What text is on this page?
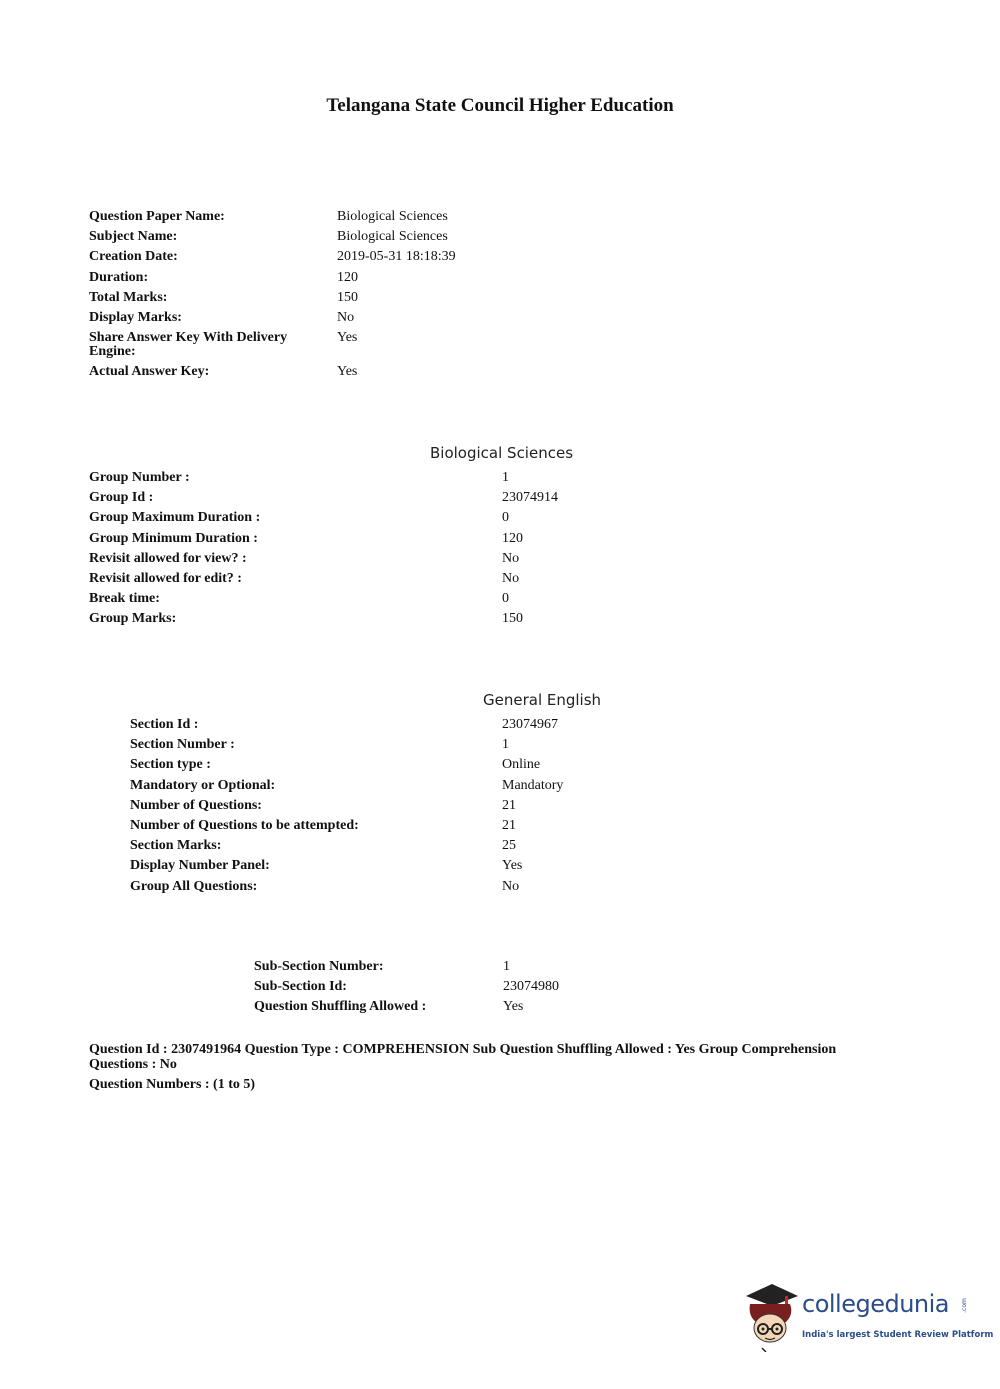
Telangana State Council Higher Education
Question Paper Name:	Biological Sciences
Subject Name:	Biological Sciences
Creation Date:	2019-05-31 18:18:39
Duration:	120
Total Marks:	150
Display Marks:	No
Share Answer Key With Delivery Engine:
Yes
Actual Answer Key:	Yes
Biological Sciences
Group Number :	1
Group Id :	23074914
Group Maximum Duration :	0
Group Minimum Duration :	120
Revisit allowed for view? :	No
Revisit allowed for edit? :	No
Break time:	0
Group Marks:	150
General English
Section Id :	23074967
Section Number :	1
Section type :	Online
Mandatory or Optional:	Mandatory
Number of Questions:	21
Number of Questions to be attempted:	21
Section Marks:	25
Display Number Panel:	Yes
Group All Questions:	No
Sub-Section Number:	1
Sub-Section Id:	23074980
Question Shuffling Allowed :	Yes
Question Id : 2307491964 Question Type : COMPREHENSION Sub Question Shuffling Allowed : Yes Group Comprehension Questions : No
Question Numbers : (1 to 5)
collegedunia .com
India's largest Student Review Platform
